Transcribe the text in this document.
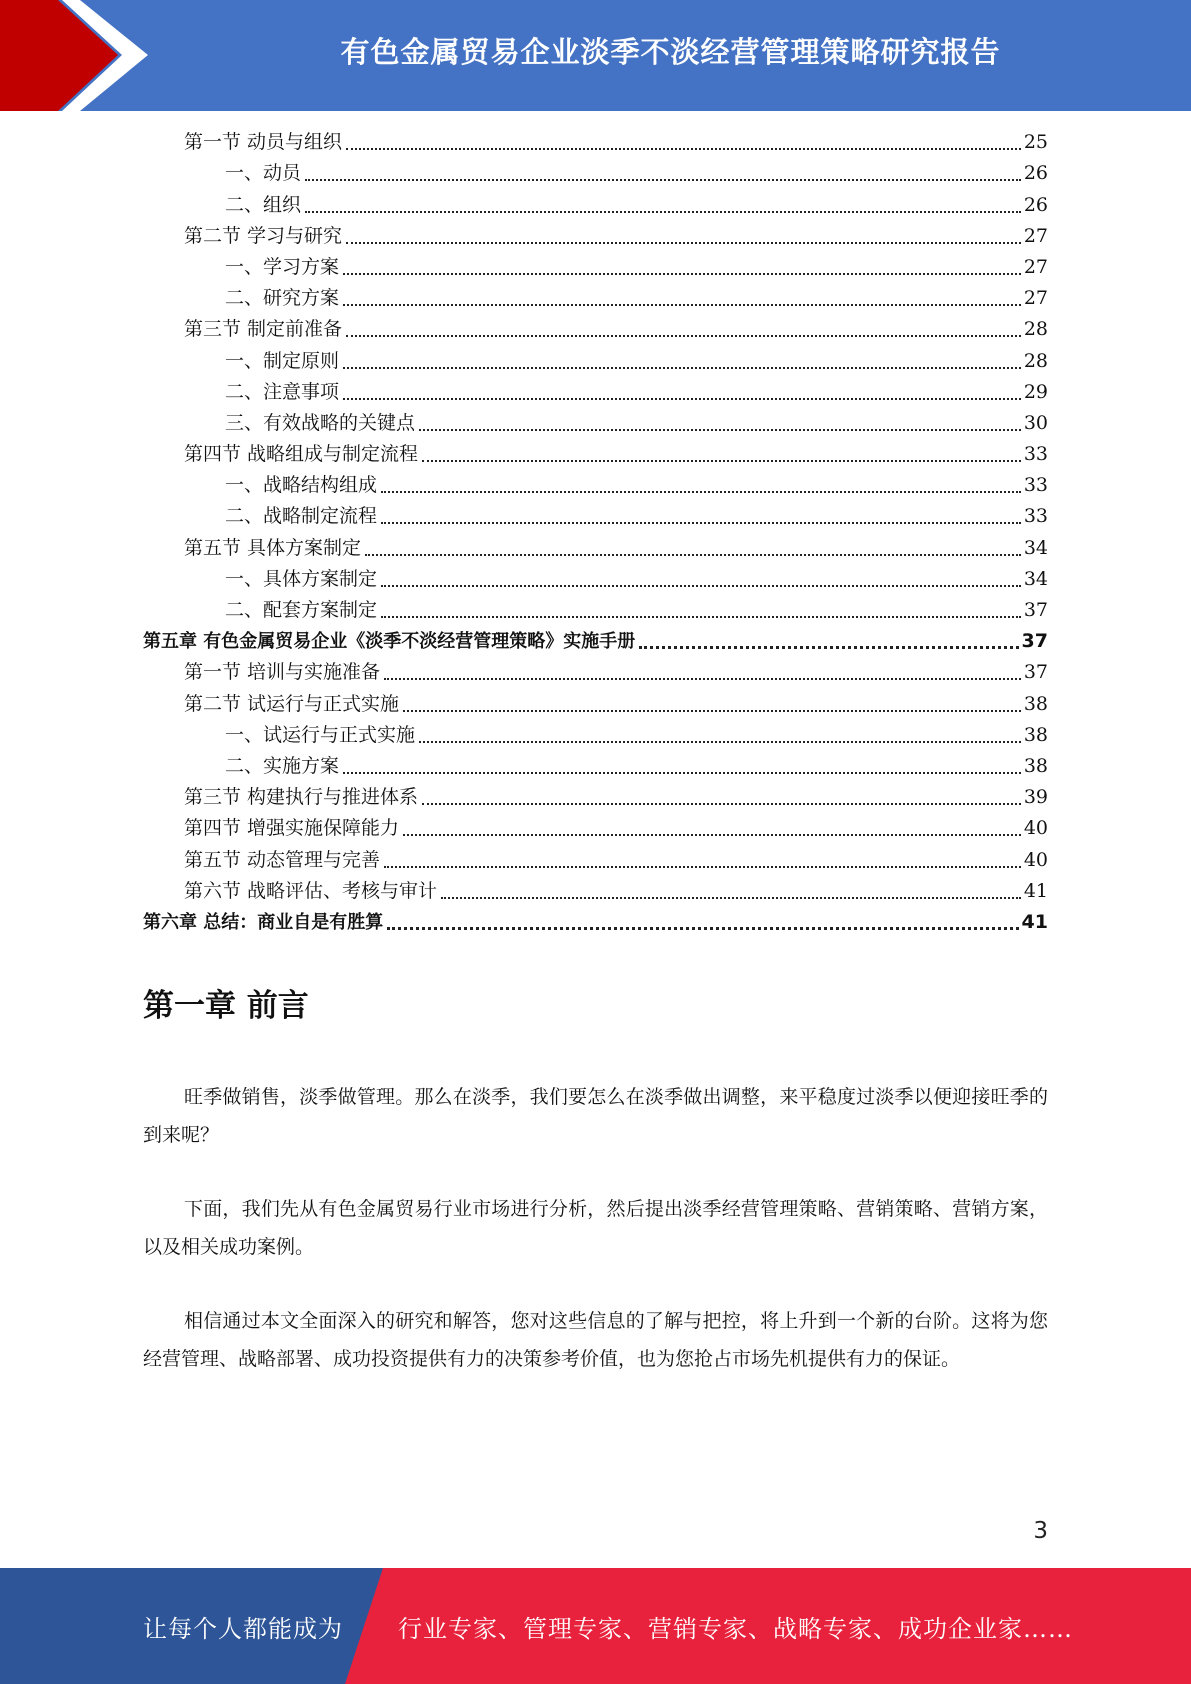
有色金属贸易企业淡季不淡经营管理策略研究报告
第一节 动员与组织	25
一、动员	26
二、组织	26
第二节 学习与研究	27
一、学习方案	27
二、研究方案	27
第三节 制定前准备	28
一、制定原则	28
二、注意事项	29
三、有效战略的关键点	30
第四节 战略组成与制定流程	33
一、战略结构组成	33
二、战略制定流程	33
第五节 具体方案制定	34
一、具体方案制定	34
二、配套方案制定	37
第五章 有色金属贸易企业《淡季不淡经营管理策略》实施手册	37
第一节 培训与实施准备	37
第二节 试运行与正式实施	38
一、试运行与正式实施	38
二、实施方案	38
第三节 构建执行与推进体系	39
第四节 增强实施保障能力	40
第五节 动态管理与完善	40
第六节 战略评估、考核与审计	41
第六章 总结：商业自是有胜算	41
第一章 前言

旺季做销售，淡季做管理。那么在淡季，我们要怎么在淡季做出调整，来平稳度过淡季以便迎接旺季的到来呢？

下面，我们先从有色金属贸易行业市场进行分析，然后提出淡季经营管理策略、营销策略、营销方案，以及相关成功案例。

相信通过本文全面深入的研究和解答，您对这些信息的了解与把控，将上升到一个新的台阶。这将为您经营管理、战略部署、成功投资提供有力的决策参考价值，也为您抢占市场先机提供有力的保证。

3
让每个人都能成为 行业专家、管理专家、营销专家、战略专家、成功企业家……
